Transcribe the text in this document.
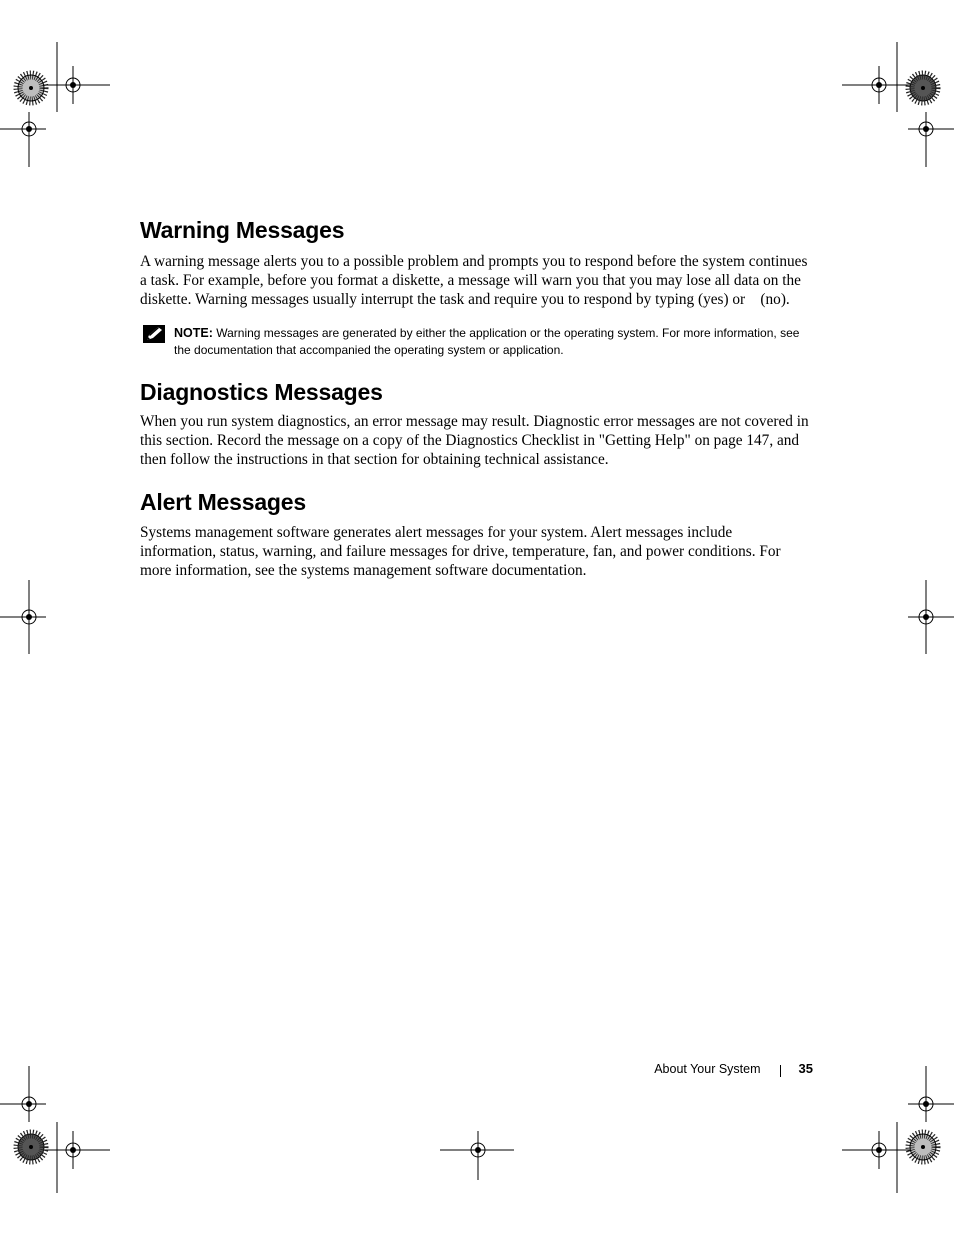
Warning Messages

A warning message alerts you to a possible problem and prompts you to respond before the system continues a task. For example, before you format a diskette, a message will warn you that you may lose all data on the diskette. Warning messages usually interrupt the task and require you to respond by typing (yes) or    (no).

NOTE: Warning messages are generated by either the application or the operating system. For more information, see the documentation that accompanied the operating system or application.

Diagnostics Messages

When you run system diagnostics, an error message may result. Diagnostic error messages are not covered in this section. Record the message on a copy of the Diagnostics Checklist in "Getting Help" on page 147, and then follow the instructions in that section for obtaining technical assistance.

Alert Messages

Systems management software generates alert messages for your system. Alert messages include information, status, warning, and failure messages for drive, temperature, fan, and power conditions. For more information, see the systems management software documentation.

About Your System	35
